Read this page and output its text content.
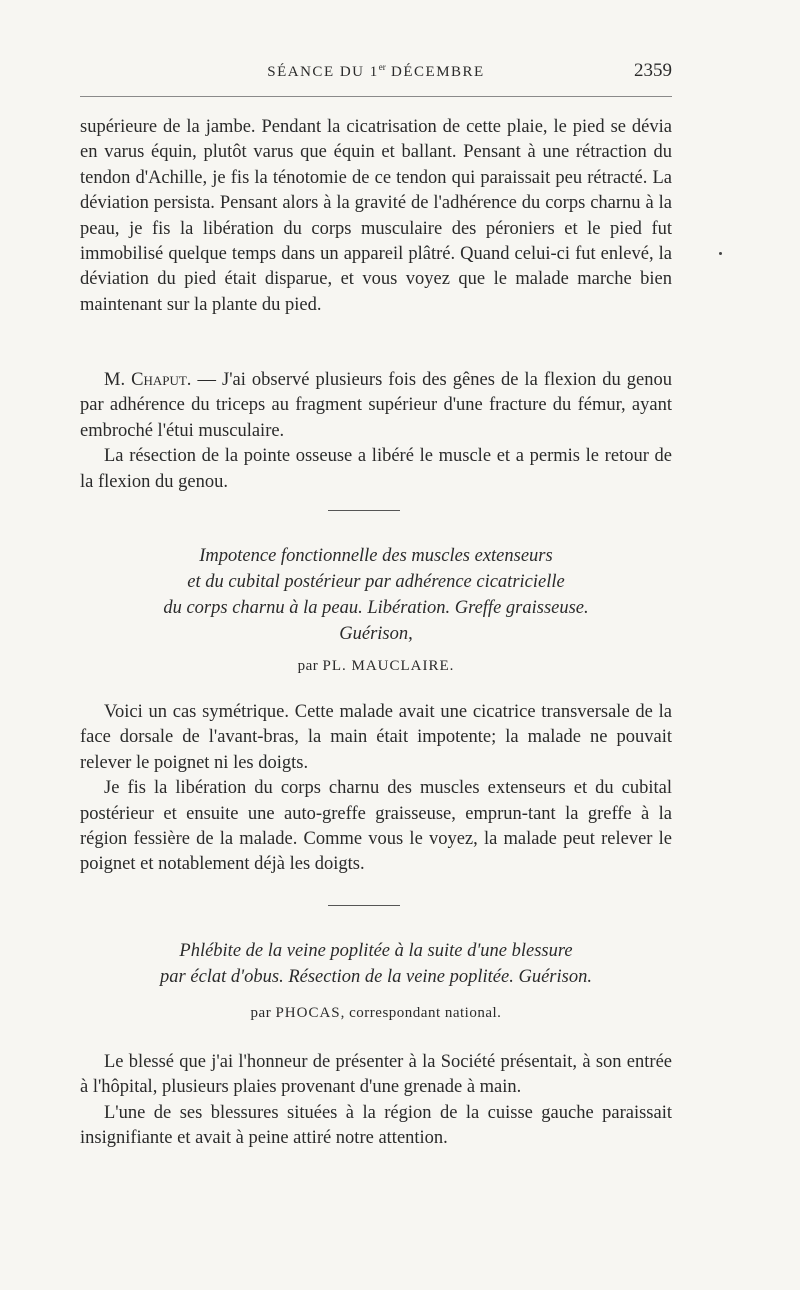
SÉANCE DU 1er DÉCEMBRE	2359

supérieure de la jambe. Pendant la cicatrisation de cette plaie, le pied se dévia en varus équin, plutôt varus que équin et ballant. Pensant à une rétraction du tendon d'Achille, je fis la ténotomie de ce tendon qui paraissait peu rétracté. La déviation persista. Pensant alors à la gravité de l'adhérence du corps charnu à la peau, je fis la libération du corps musculaire des péroniers et le pied fut immobilisé quelque temps dans un appareil plâtré. Quand celui-ci fut enlevé, la déviation du pied était disparue, et vous voyez que le malade marche bien maintenant sur la plante du pied.

M. Chaput. — J'ai observé plusieurs fois des gênes de la flexion du genou par adhérence du triceps au fragment supérieur d'une fracture du fémur, ayant embroché l'étui musculaire.

La résection de la pointe osseuse a libéré le muscle et a permis le retour de la flexion du genou.

Impotence fonctionnelle des muscles extenseurs
et du cubital postérieur par adhérence cicatricielle
du corps charnu à la peau. Libération. Greffe graisseuse.
Guérison,
par PL. MAUCLAIRE.

Voici un cas symétrique. Cette malade avait une cicatrice transversale de la face dorsale de l'avant-bras, la main était impotente; la malade ne pouvait relever le poignet ni les doigts.

Je fis la libération du corps charnu des muscles extenseurs et du cubital postérieur et ensuite une auto-greffe graisseuse, emprun-tant la greffe à la région fessière de la malade. Comme vous le voyez, la malade peut relever le poignet et notablement déjà les doigts.

Phlébite de la veine poplitée à la suite d'une blessure
par éclat d'obus. Résection de la veine poplitée. Guérison.
par PHOCAS, correspondant national.

Le blessé que j'ai l'honneur de présenter à la Société présentait, à son entrée à l'hôpital, plusieurs plaies provenant d'une grenade à main.

L'une de ses blessures situées à la région de la cuisse gauche paraissait insignifiante et avait à peine attiré notre attention.
